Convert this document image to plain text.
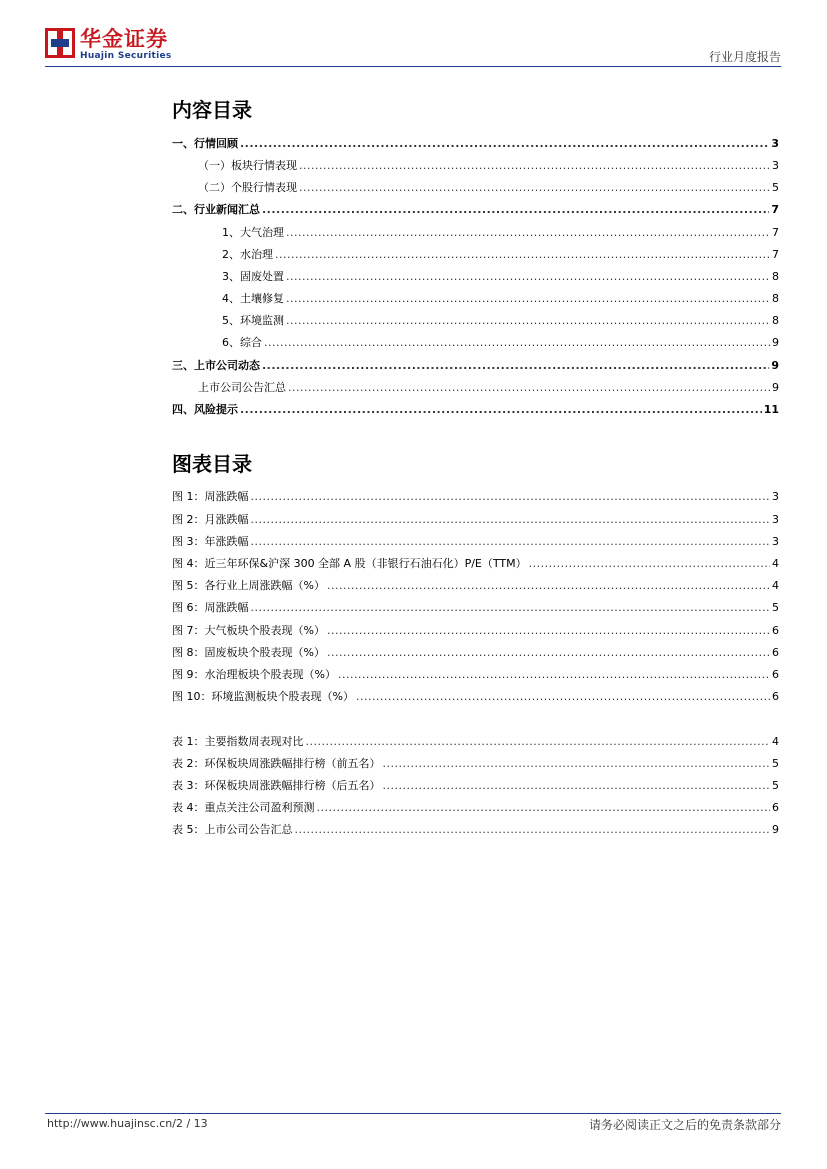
华金证券
Huajin Securities	行业月度报告
内容目录
一、行情回顾 .....	3
（一）板块行情表现 .....	3
（二）个股行情表现 .....	5
二、行业新闻汇总 .....	7
1、大气治理 .....	7
2、水治理 .....	7
3、固废处置 .....	8
4、土壤修复 .....	8
5、环境监测 .....	8
6、综合 .....	9
三、上市公司动态 .....	9
上市公司公告汇总 .....	9
四、风险提示 .....	11
图表目录
图 1：周涨跌幅 .....	3
图 2：月涨跌幅 .....	3
图 3：年涨跌幅 .....	3
图 4：近三年环保&沪深 300 全部 A 股（非银行石油石化）P/E（TTM） .....	4
图 5：各行业上周涨跌幅（%） .....	4
图 6：周涨跌幅 .....	5
图 7：大气板块个股表现（%） .....	6
图 8：固废板块个股表现（%） .....	6
图 9：水治理板块个股表现（%） .....	6
图 10：环境监测板块个股表现（%） .....	6
表 1：主要指数周表现对比 .....	4
表 2：环保板块周涨跌幅排行榜（前五名） .....	5
表 3：环保板块周涨跌幅排行榜（后五名） .....	5
表 4：重点关注公司盈利预测 .....	6
表 5：上市公司公告汇总 .....	9
http://www.huajinsc.cn/2 / 13	请务必阅读正文之后的免责条款部分
